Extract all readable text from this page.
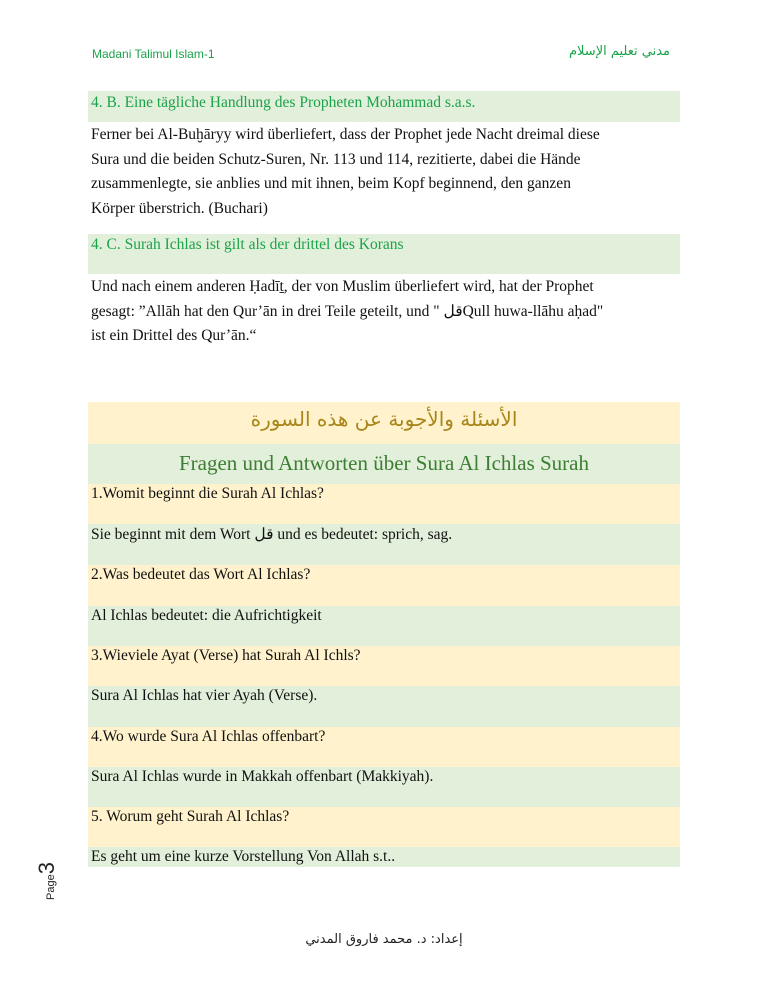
Madani Talimul Islam-1	مدني تعليم الإسلام
4. B. Eine tägliche Handlung des Propheten Mohammad s.a.s.
Ferner bei Al-Buḫāryy wird überliefert, dass der Prophet jede Nacht dreimal diese
Sura und die beiden Schutz-Suren, Nr. 113 und 114, rezitierte, dabei die Hände
zusammenlegte, sie anblies und mit ihnen, beim Kopf beginnend, den ganzen
Körper überstrich. (Buchari)
4. C. Surah Ichlas ist gilt als der drittel des Korans
Und nach einem anderen Ḥadīṯ, der von Muslim überliefert wird, hat der Prophet
gesagt: ”Allāh hat den Qur’ān in drei Teile geteilt, und " قلQull huwa-llāhu aḥad"
ist ein Drittel des Qur’ān.“
الأسئلة والأجوبة عن هذه السورة
Fragen und Antworten über Sura Al Ichlas Surah
1.Womit beginnt die Surah Al Ichlas?
Sie beginnt mit dem Wort قل und es bedeutet: sprich, sag.
2.Was bedeutet das Wort Al Ichlas?
Al Ichlas bedeutet: die Aufrichtigkeit
3.Wieviele Ayat (Verse) hat Surah Al Ichls?
Sura Al Ichlas hat vier Ayah (Verse).
4.Wo wurde Sura Al Ichlas offenbart?
Sura Al Ichlas wurde in Makkah offenbart (Makkiyah).
5. Worum geht Surah Al Ichlas?
Es geht um eine kurze Vorstellung Von Allah s.t..
Page3
إعداد: د. محمد فاروق المدني
